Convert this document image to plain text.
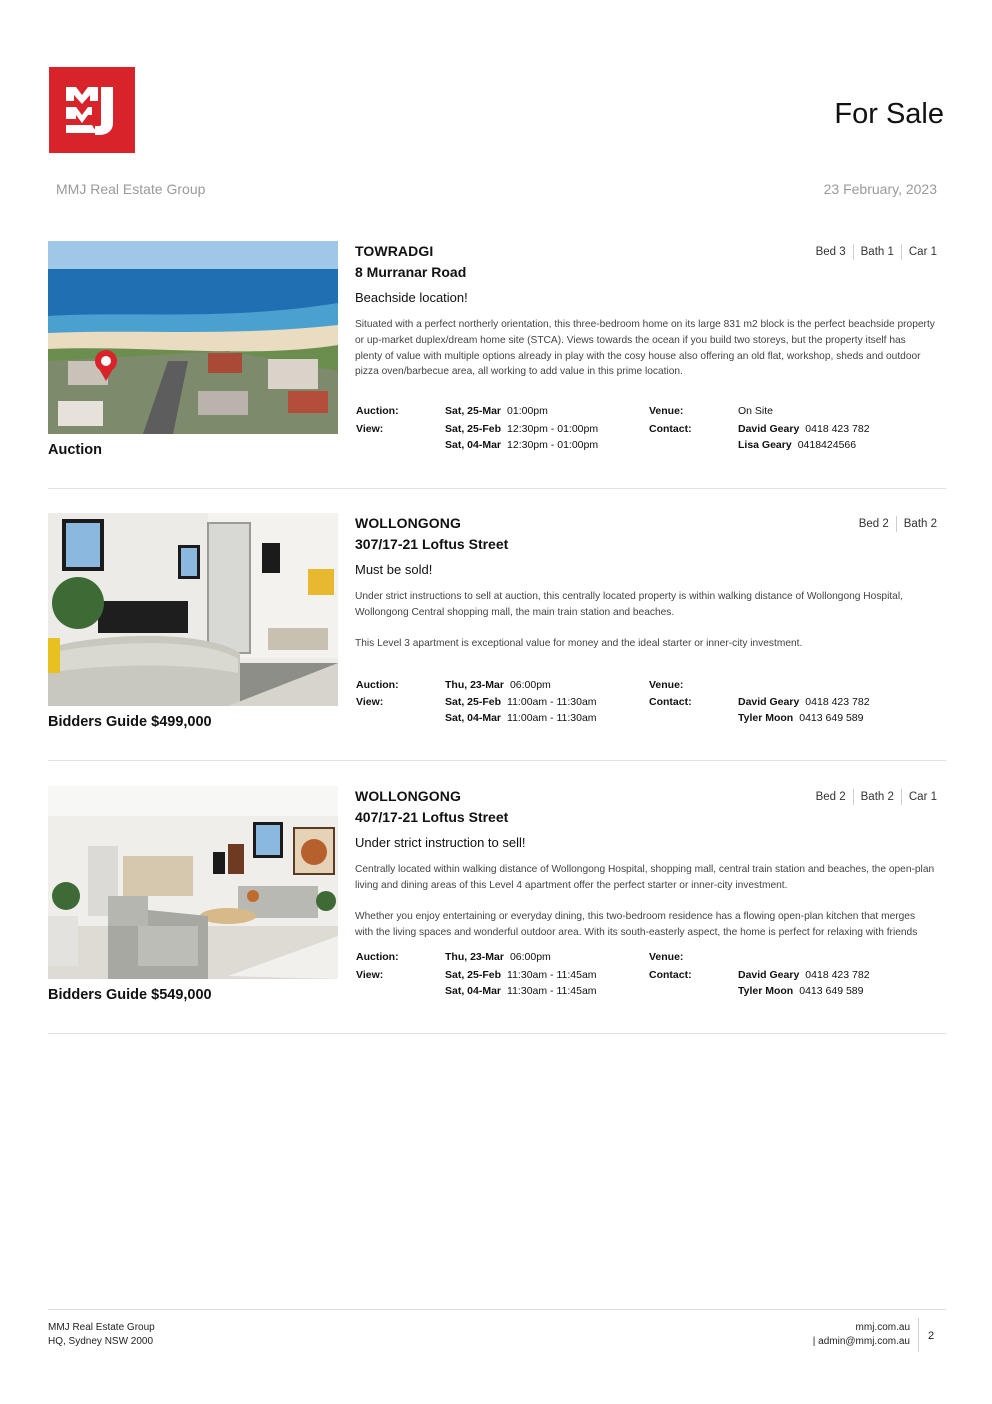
For Sale
MMJ Real Estate Group	23 February, 2023
Auction
TOWRADGI
8 Murranar Road
Beachside location!
Bed 3	Bath 1	Car 1

Situated with a perfect northerly orientation, this three-bedroom home on its large 831 m2 block is the perfect beachside property or up-market duplex/dream home site (STCA). Views towards the ocean if you build two storeys, but the property itself has plenty of value with multiple options already in play with the cosy house also offering an old flat, workshop, sheds and outdoor pizza oven/barbecue area, all working to add value in this prime location.

Auction:	Sat, 25-Mar 01:00pm
View:	Sat, 25-Feb 12:30pm - 01:00pm
Sat, 04-Mar 12:30pm - 01:00pm
Venue:	On Site
Contact:	David Geary 0418 423 782
Lisa Geary 0418424566
Bidders Guide $499,000
WOLLONGONG
307/17-21 Loftus Street
Must be sold!
Bed 2	Bath 2

Under strict instructions to sell at auction, this centrally located property is within walking distance of Wollongong Hospital, Wollongong Central shopping mall, the main train station and beaches.

This Level 3 apartment is exceptional value for money and the ideal starter or inner-city investment.

Auction:	Thu, 23-Mar 06:00pm
View:	Sat, 25-Feb 11:00am - 11:30am
Sat, 04-Mar 11:00am - 11:30am
Venue:
Contact:	David Geary 0418 423 782
Tyler Moon 0413 649 589
Bidders Guide $549,000
WOLLONGONG
407/17-21 Loftus Street
Under strict instruction to sell!
Bed 2	Bath 2	Car 1

Centrally located within walking distance of Wollongong Hospital, shopping mall, central train station and beaches, the open-plan living and dining areas of this Level 4 apartment offer the perfect starter or inner-city investment.

Whether you enjoy entertaining or everyday dining, this two-bedroom residence has a flowing open-plan kitchen that merges with the living spaces and wonderful outdoor area. With its south-easterly aspect, the home is perfect for relaxing with friends

Auction:	Thu, 23-Mar 06:00pm
View:	Sat, 25-Feb 11:30am - 11:45am
Sat, 04-Mar 11:30am - 11:45am
Venue:
Contact:	David Geary 0418 423 782
Tyler Moon 0413 649 589
MMJ Real Estate Group
HQ, Sydney NSW 2000
mmj.com.au
| admin@mmj.com.au 2
